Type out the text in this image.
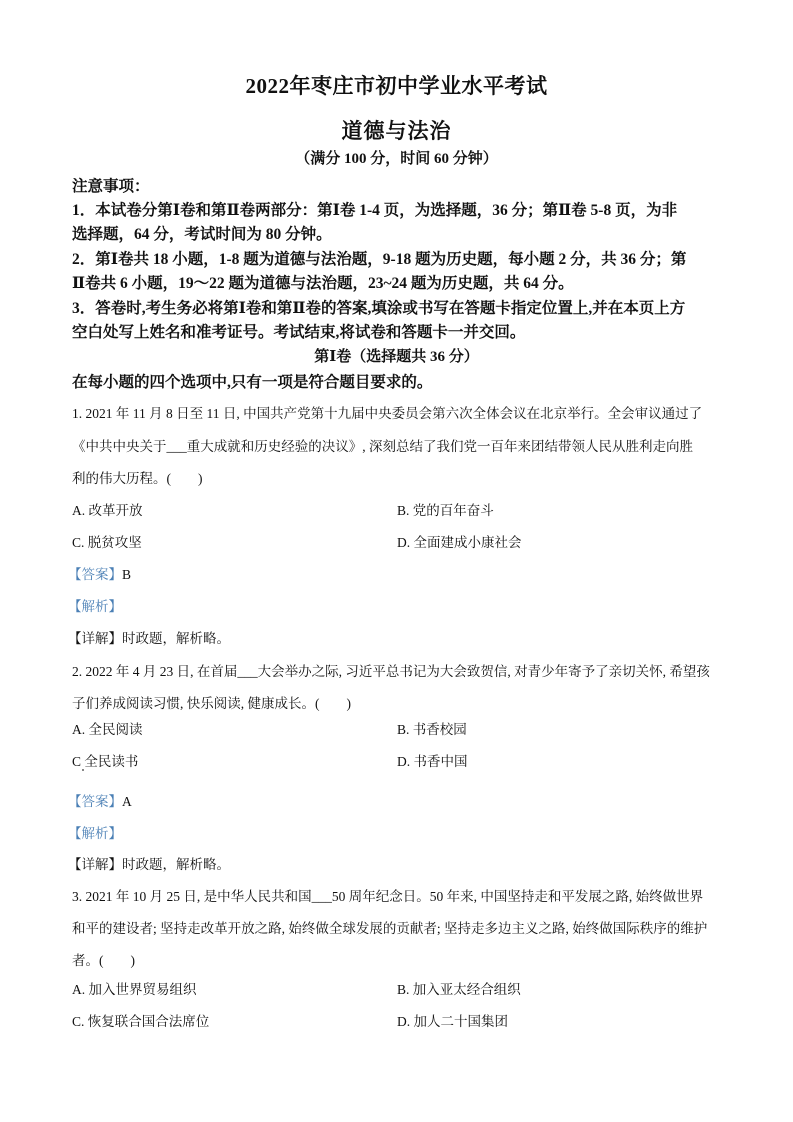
2022年枣庄市初中学业水平考试
道德与法治
（满分 100 分，时间 60 分钟）
注意事项：
1．本试卷分第Ⅰ卷和第Ⅱ卷两部分：第Ⅰ卷 1-4 页，为选择题，36 分；第Ⅱ卷 5-8 页，为非
选择题，64 分，考试时间为 80 分钟。
2．第Ⅰ卷共 18 小题，1-8 题为道德与法治题，9-18 题为历史题，每小题 2 分，共 36 分；第
Ⅱ卷共 6 小题，19～22 题为道德与法治题，23~24 题为历史题，共 64 分。
3．答卷时,考生务必将第Ⅰ卷和第Ⅱ卷的答案,填涂或书写在答题卡指定位置上,并在本页上方
空白处写上姓名和准考证号。考试结束,将试卷和答题卡一并交回。
第Ⅰ卷（选择题共 36 分）
在每小题的四个选项中,只有一项是符合题目要求的。
1. 2021 年 11 月 8 日至 11 日, 中国共产党第十九届中央委员会第六次全体会议在北京举行。全会审议通过了
《中共中央关于___重大成就和历史经验的决议》, 深刻总结了我们党一百年来团结带领人民从胜利走向胜
利的伟大历程。(　　)
A. 改革开放	B. 党的百年奋斗
C. 脱贫攻坚	D. 全面建成小康社会
【答案】B
【解析】
【详解】时政题，解析略。
2. 2022 年 4 月 23 日, 在首届___大会举办之际, 习近平总书记为大会致贺信, 对青少年寄予了亲切关怀, 希望孩
子们养成阅读习惯, 快乐阅读, 健康成长。(　　)
A. 全民阅读	B. 书香校园
C 全民读书	D. 书香中国
【答案】A
【解析】
【详解】时政题，解析略。
3. 2021 年 10 月 25 日, 是中华人民共和国___50 周年纪念日。50 年来, 中国坚持走和平发展之路, 始终做世界
和平的建设者; 坚持走改革开放之路, 始终做全球发展的贡献者; 坚持走多边主义之路, 始终做国际秩序的维护
者。(　　)
A. 加入世界贸易组织	B. 加入亚太经合组织
C. 恢复联合国合法席位	D. 加人二十国集团
